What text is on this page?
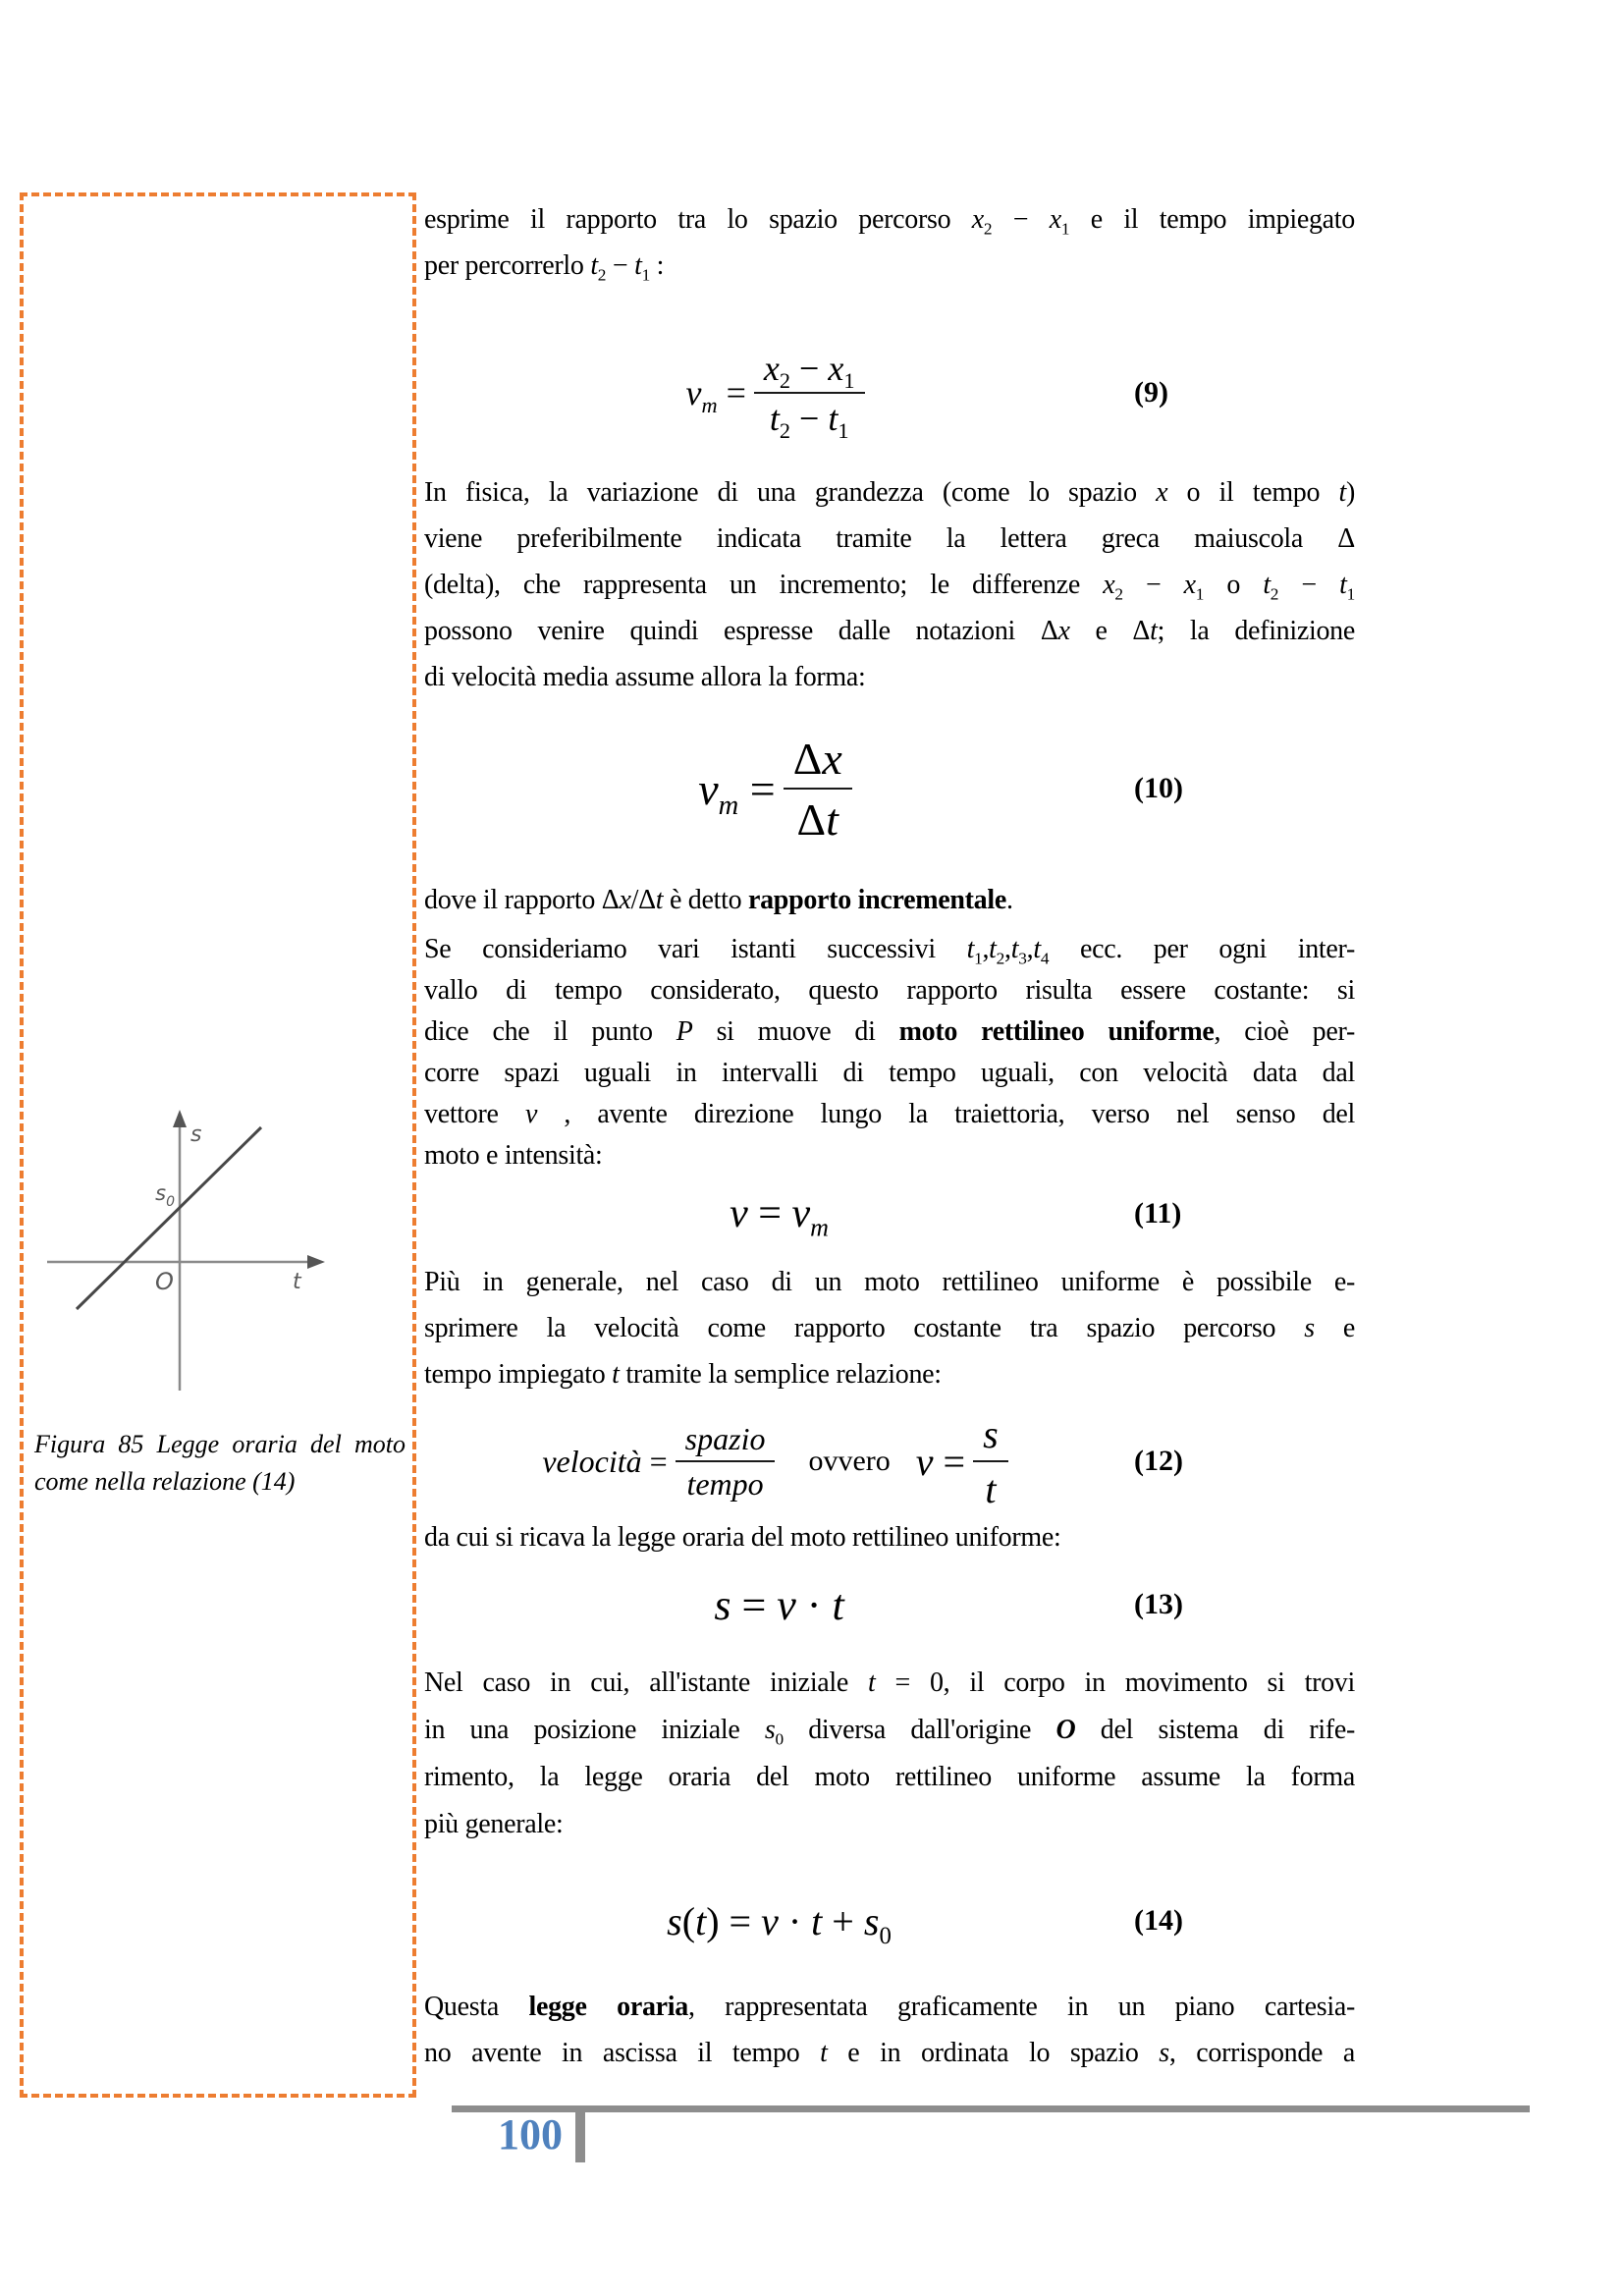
s
t
O
$s_0$
Figura 85 Legge oraria del moto
come nella relazione (14)
esprime il rapporto tra lo spazio percorso $x_2 - x_1$ e il tempo impiegato
per percorrerlo $t_2 - t_1$ :
$v_m = \frac{x_2 - x_1}{t_2 - t_1}$	(9)
In fisica, la variazione di una grandezza (come lo spazio x o il tempo t)
viene preferibilmente indicata tramite la lettera greca maiuscola Δ
(delta), che rappresenta un incremento; le differenze $x_2 - x_1$ o $t_2 - t_1$
possono venire quindi espresse dalle notazioni Δx e Δt; la definizione
di velocità media assume allora la forma:
$v_m = \frac{\Delta x}{\Delta t}$	(10)
dove il rapporto Δx/Δt è detto rapporto incrementale.
Se consideriamo vari istanti successivi $t_1,t_2,t_3,t_4$ ecc. per ogni inter-
vallo di tempo considerato, questo rapporto risulta essere costante: si
dice che il punto P si muove di moto rettilineo uniforme, cioè per-
corre spazi uguali in intervalli di tempo uguali, con velocità data dal
vettore v , avente direzione lungo la traiettoria, verso nel senso del
moto e intensità:
$v = v_m$	(11)
Più in generale, nel caso di un moto rettilineo uniforme è possibile e-
sprimere la velocità come rapporto costante tra spazio percorso s e
tempo impiegato t tramite la semplice relazione:
velocità = $\frac{\text{spazio}}{\text{tempo}}$ ovvero $v = \frac{s}{t}$	(12)
da cui si ricava la legge oraria del moto rettilineo uniforme:
s = v · t	(13)
Nel caso in cui, all'istante iniziale t = 0, il corpo in movimento si trovi
in una posizione iniziale $s_0$ diversa dall'origine O del sistema di rife-
rimento, la legge oraria del moto rettilineo uniforme assume la forma
più generale:
$s(t) = v \cdot t + s_0$	(14)
Questa legge oraria, rappresentata graficamente in un piano cartesia-
no avente in ascissa il tempo t e in ordinata lo spazio s, corrisponde a
100
